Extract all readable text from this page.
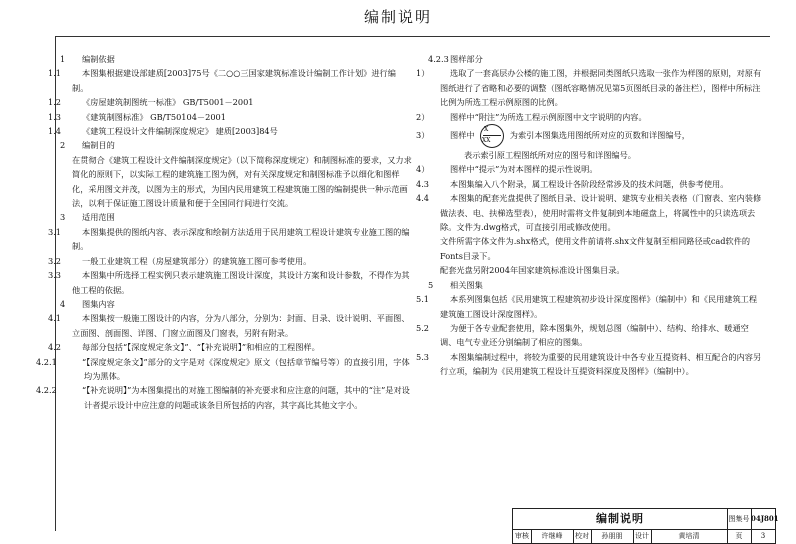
编制说明

1 编制依据

1.1	本图集根据建设部建质[2003]75号《二○○三国家建筑标准设计编制工作计划》进行编制。

1.2	《房屋建筑制图统一标准》 GB/T5001－2001

1.3	《建筑制图标准》 GB/T50104－2001

1.4	《建筑工程设计文件编制深度规定》 建质[2003]84号

2 编制目的

在贯彻合《建筑工程设计文件编制深度规定》（以下简称深度规定）和制图标准的要求，又力求简化的原则下，以实际工程的建筑施工图为例，对有关深度规定和制图标准予以细化和图样化，采用图文并茂，以图为主的形式，为国内民用建筑工程建筑施工图的编制提供一种示范画法，以利于保证施工图设计质量和便于全国同行间进行交流。

3 适用范围

3.1	本图集提供的图纸内容、表示深度和绘制方法适用于民用建筑工程设计建筑专业施工图的编制。

3.2	一般工业建筑工程（房屋建筑部分）的建筑施工图可参考使用。

3.3	本图集中所选择工程实例只表示建筑施工图设计深度，其设计方案和设计参数，不得作为其他工程的依据。

4 图集内容

4.1	本图集按一般施工图设计的内容，分为八部分，分别为：封面、目录、设计说明、平面图、立面图、剖面图、详图、门窗立面图及门窗表，另附有附录。

4.2	每部分包括“【深度规定条文】”、“【补充说明】”和相应的工程图样。

4.2.1	“【深度规定条文】”部分的文字是对《深度规定》原文（包括章节编号等）的直接引用，字体均为黑体。

4.2.2	“【补充说明】”为本图集提出的对施工图编制的补充要求和应注意的问题，其中的“注”是对设计者提示设计中应注意的问题或该条目所包括的内容，其字高比其他文字小。

4.2.3图样部分

1）	选取了一套高层办公楼的施工图，并根据同类图纸只选取一张作为样图的原则，对原有图纸进行了省略和必要的调整（图纸容略情况见第5页图纸目录的备注栏），图样中所标注比例为所选工程示例原图的比例。

2）	图样中“附注”为所选工程示例原图中文字说明的内容。

3）	图样中 $\frac{X}{XX}$ 为索引本图集选用图纸所对应的页数和详图编号，

表示索引原工程图纸所对应的图号和详图编号。

4）	图样中“提示”为对本图样的提示性说明。

4.3	本图集编入八个附录，属工程设计各阶段经常涉及的技术问题，供参考使用。

4.4	本图集的配套光盘提供了图纸目录、设计说明、建筑专业相关表格（门窗表、室内装修做法表、电、扶梯选型表），使用时需将文件复制到本地磁盘上，将属性中的只读选项去除。文件为.dwg格式，可直接引用或修改使用。

文件所需字体文件为.shx格式，使用文件前请将.shx文件复制至相同路径或cad软件的Fonts目录下。

配套光盘另附2004年国家建筑标准设计图集目录。

5 相关图集

5.1	本系列图集包括《民用建筑工程建筑初步设计深度图样》（编制中）和《民用建筑工程建筑施工图设计深度图样》。

5.2	为便于各专业配套使用，除本图集外，规划总图（编制中）、结构、给排水、暖通空调、电气专业还分别编制了相应的图集。

5.3	本图集编制过程中，将较为重要的民用建筑设计中各专业互提资料、相互配合的内容另行立项，编制为《民用建筑工程设计互提资料深度及图样》（编制中）。

编制说明	图集号 04J801
审核	许继峰	校对	孙朋朋	设计	黄培清	页	3
